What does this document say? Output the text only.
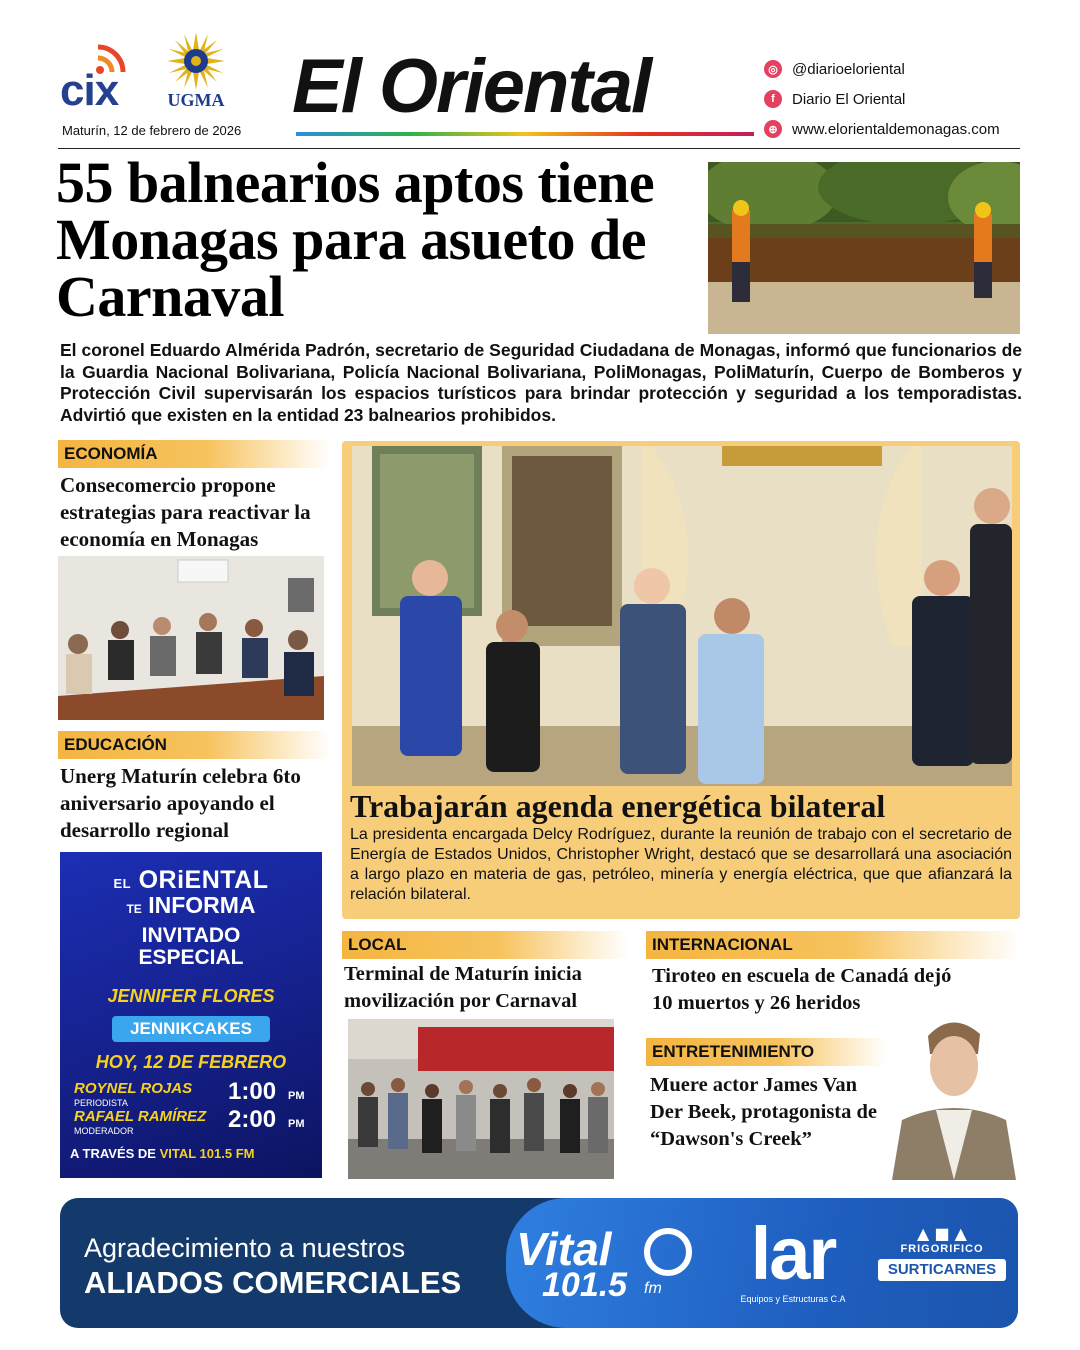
cix	UGMA
Maturín, 12 de febrero de 2026
El Oriental	◎ @diarioeloriental
f	Diario El Oriental
⊕ www.elorientaldemonagas.com
55 balnearios aptos tiene Monagas para asueto de Carnaval
El coronel Eduardo Almérida Padrón, secretario de Seguridad Ciudadana de Monagas, informó que funcionarios de la Guardia Nacional Bolivariana, Policía Nacional Bolivariana, PoliMonagas, PoliMaturín, Cuerpo de Bomberos y Protección Civil supervisarán los espacios turísticos para brindar protección y seguridad a los temporadistas. Advirtió que existen en la entidad 23 balnearios prohibidos.
ECONOMÍA
Consecomercio propone estrategias para reactivar la economía en Monagas
EDUCACIÓN
Unerg Maturín celebra 6to aniversario apoyando el desarrollo regional
EL ORiENTAL
TE INFORMA
INVITADO
ESPECIAL
JENNIFER FLORES
JENNIKCAKES
HOY, 12 DE FEBRERO
ROYNEL ROJAS
PERIODISTA	1:00 PM
RAFAEL RAMÍREZ
MODERADOR	2:00 PM
A TRAVÉS DE VITAL 101.5 FM
Trabajarán agenda energética bilateral
La presidenta encargada Delcy Rodríguez, durante la reunión de trabajo con el secretario de Energía de Estados Unidos, Christopher Wright, destacó que se desarrollará una asociación a largo plazo en materia de gas, petróleo, minería y energía eléctrica, que que afianzará la relación bilateral.
LOCAL
Terminal de Maturín inicia movilización por Carnaval
INTERNACIONAL
Tiroteo en escuela de Canadá dejó 10 muertos y 26 heridos
ENTRETENIMIENTO
Muere actor James Van Der Beek, protagonista de “Dawson's Creek”
Agradecimiento a nuestros
ALIADOS COMERCIALES
Vital
101.5 fm	lar
Equipos y Estructuras C.A
▲ ■ ▲
FRIGORIFICO
SURTICARNES
